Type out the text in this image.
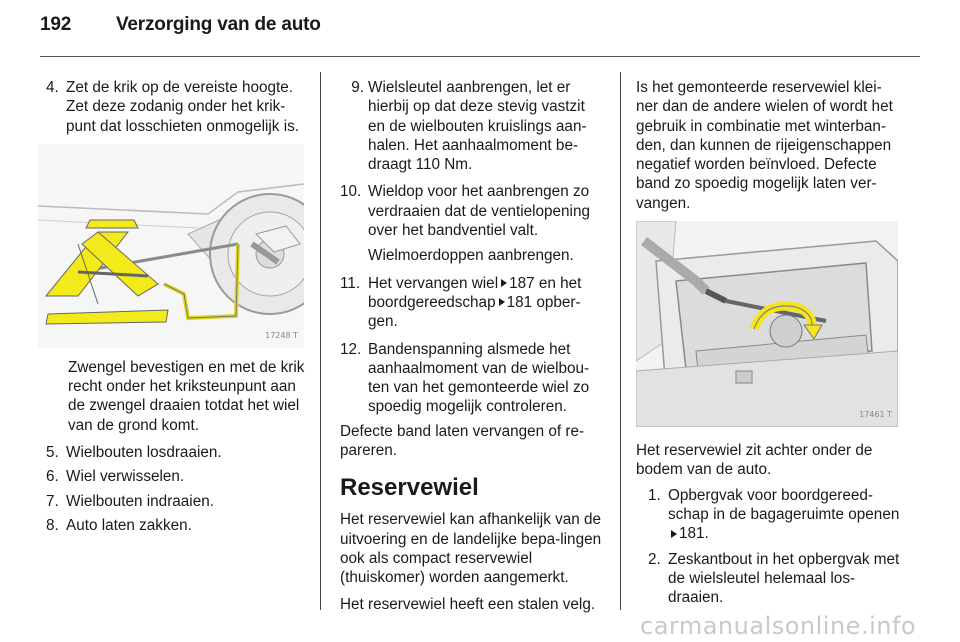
192 Verzorging van de auto
4. Zet de krik op de vereiste hoogte. Zet deze zodanig onder het krik-punt dat losschieten onmogelijk is.
17248 T

Zwengel bevestigen en met de krik recht onder het kriksteunpunt aan de zwengel draaien totdat het wiel van de grond komt.

5. Wielbouten losdraaien.
6. Wiel verwisselen.
7. Wielbouten indraaien.
8. Auto laten zakken.
9. Wielsleutel aanbrengen, let er hierbij op dat deze stevig vastzit en de wielbouten kruislings aan-halen. Het aanhaalmoment be-draagt 110 Nm.
10. Wieldop voor het aanbrengen zo verdraaien dat de ventielopening over het bandventiel valt.

Wielmoerdoppen aanbrengen.

11. Het vervangen wiel 187 en het boordgereedschap 181 opber-gen.
12. Bandenspanning alsmede het aanhaalmoment van de wielbou-ten van het gemonteerde wiel zo spoedig mogelijk controleren.

Defecte band laten vervangen of re-pareren.

Reservewiel

Het reservewiel kan afhankelijk van de uitvoering en de landelijke bepa-lingen ook als compact reservewiel (thuiskomer) worden aangemerkt.

Het reservewiel heeft een stalen velg.

Is het gemonteerde reservewiel klei-ner dan de andere wielen of wordt het gebruik in combinatie met winterban-den, dan kunnen de rijeigenschappen negatief worden beïnvloed. Defecte band zo spoedig mogelijk laten ver-vangen.

17461 T

Het reservewiel zit achter onder de bodem van de auto.

1. Opbergvak voor boordgereed-schap in de bagageruimte openen
181.
2. Zeskantbout in het opbergvak met de wielsleutel helemaal los-draaien.
carmanualsonline.info
